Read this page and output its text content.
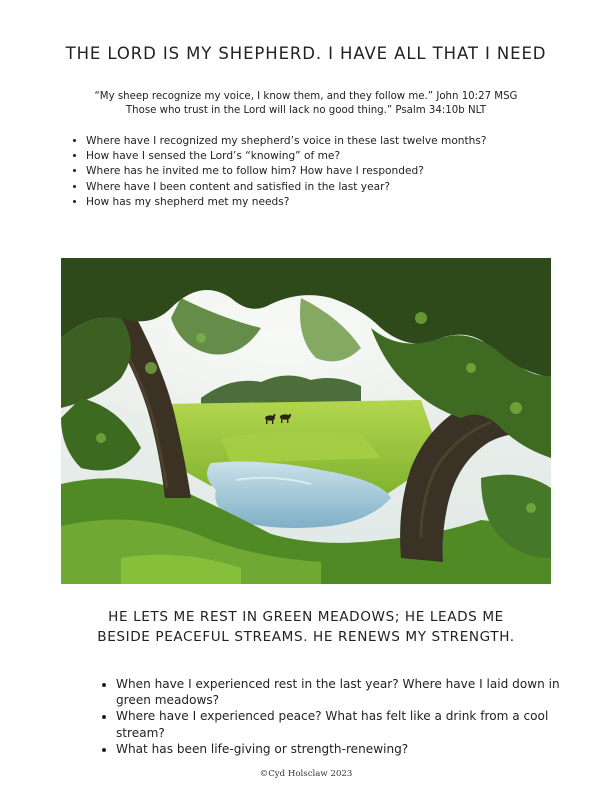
THE LORD IS MY SHEPHERD. I HAVE ALL THAT I NEED
“My sheep recognize my voice, I know them, and they follow me.” John 10:27 MSG
Those who trust in the Lord will lack no good thing.” Psalm 34:10b NLT
• Where have I recognized my shepherd’s voice in these last twelve months?
• How have I sensed the Lord’s “knowing” of me?
• Where has he invited me to follow him? How have I responded?
• Where have I been content and satisfied in the last year?
• How has my shepherd met my needs?
HE LETS ME REST IN GREEN MEADOWS; HE LEADS ME
BESIDE PEACEFUL STREAMS. HE RENEWS MY STRENGTH.
• When have I experienced rest in the last year? Where have I laid down in green meadows?
• Where have I experienced peace? What has felt like a drink from a cool stream?
• What has been life-giving or strength-renewing?
©Cyd Holsclaw 2023
